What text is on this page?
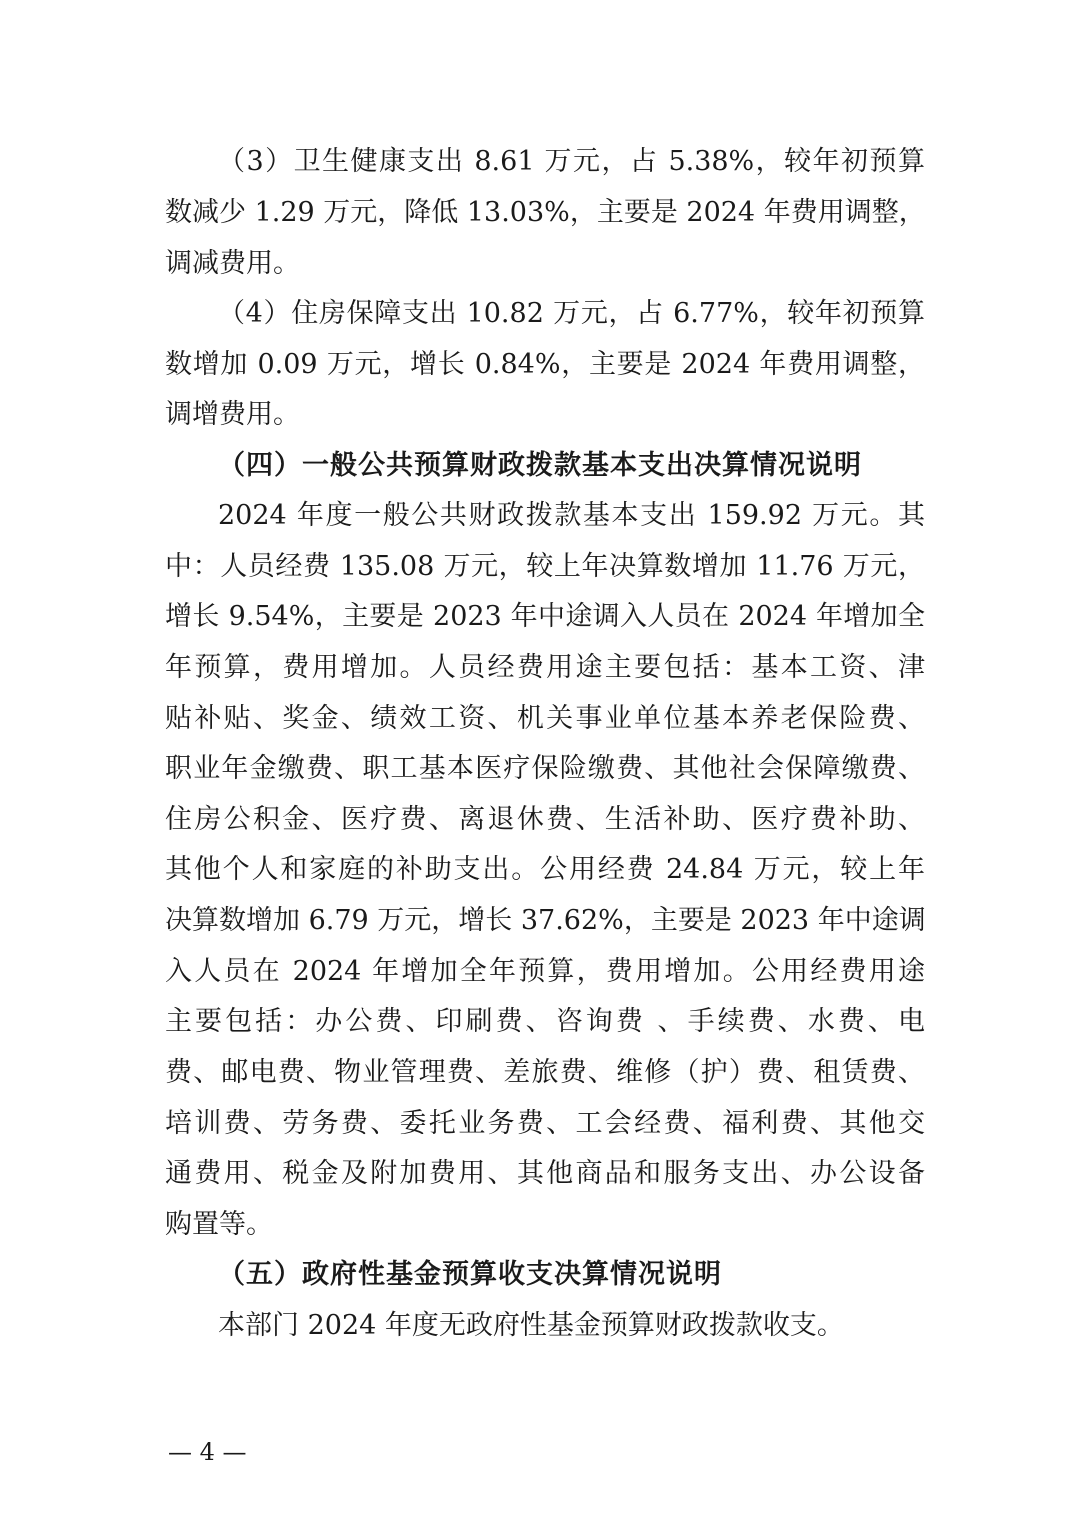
（3）卫生健康支出 8.61 万元，占 5.38%，较年初预算
数减少 1.29 万元，降低 13.03%，主要是 2024 年费用调整，
调减费用。
（4）住房保障支出 10.82 万元，占 6.77%，较年初预算
数增加 0.09 万元，增长 0.84%，主要是 2024 年费用调整，
调增费用。
（四）一般公共预算财政拨款基本支出决算情况说明
2024 年度一般公共财政拨款基本支出 159.92 万元。其
中：人员经费 135.08 万元，较上年决算数增加 11.76 万元，
增长 9.54%，主要是 2023 年中途调入人员在 2024 年增加全
年预算，费用增加。人员经费用途主要包括：基本工资、津
贴补贴、奖金、绩效工资、机关事业单位基本养老保险费、
职业年金缴费、职工基本医疗保险缴费、其他社会保障缴费、
住房公积金、医疗费、离退休费、生活补助、医疗费补助、
其他个人和家庭的补助支出。公用经费 24.84 万元，较上年
决算数增加 6.79 万元，增长 37.62%，主要是 2023 年中途调
入人员在 2024 年增加全年预算，费用增加。公用经费用途
主要包括：办公费、印刷费、咨询费 、手续费、水费、电
费、邮电费、物业管理费、差旅费、维修（护）费、租赁费、
培训费、劳务费、委托业务费、工会经费、福利费、其他交
通费用、税金及附加费用、其他商品和服务支出、办公设备
购置等。
（五）政府性基金预算收支决算情况说明
本部门 2024 年度无政府性基金预算财政拨款收支。
— 4 —
